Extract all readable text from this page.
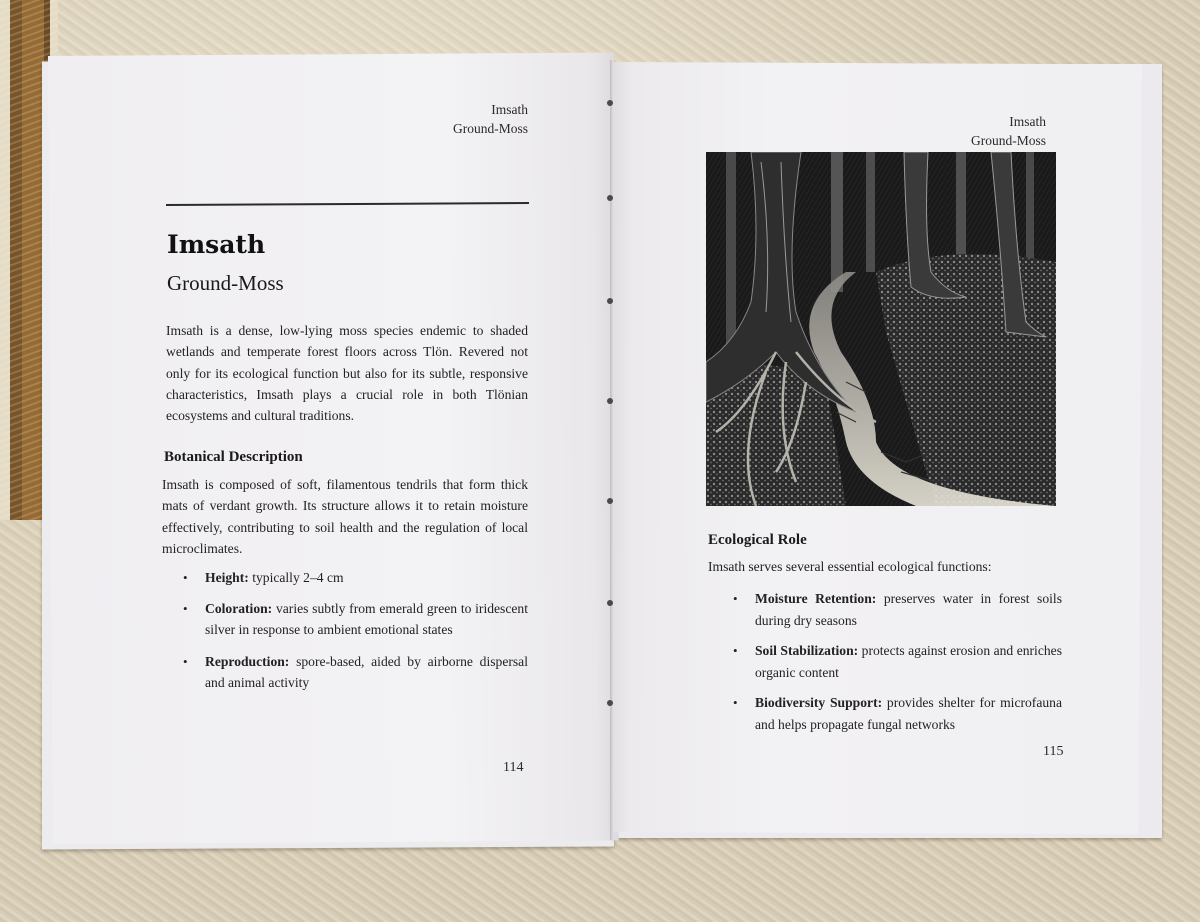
Imsath
Ground-Moss
Imsath
Ground-Moss

Imsath is a dense, low-lying moss species endemic to shaded wetlands and temperate forest floors across Tlön. Revered not only for its ecological function but also for its subtle, responsive characteristics, Imsath plays a crucial role in both Tlönian ecosystems and cultural traditions.

Botanical Description

Imsath is composed of soft, filamentous tendrils that form thick mats of verdant growth. Its structure allows it to retain moisture effectively, contributing to soil health and the regulation of local microclimates.

• Height: typically 2–4 cm
• Coloration: varies subtly from emerald green to iridescent silver in response to ambient emotional states
• Reproduction: spore-based, aided by airborne dispersal and animal activity
114
Imsath
Ground-Moss
Ecological Role

Imsath serves several essential ecological functions:

• Moisture Retention: preserves water in forest soils during dry seasons
• Soil Stabilization: protects against erosion and enriches organic content
• Biodiversity Support: provides shelter for microfauna and helps propagate fungal networks
115
